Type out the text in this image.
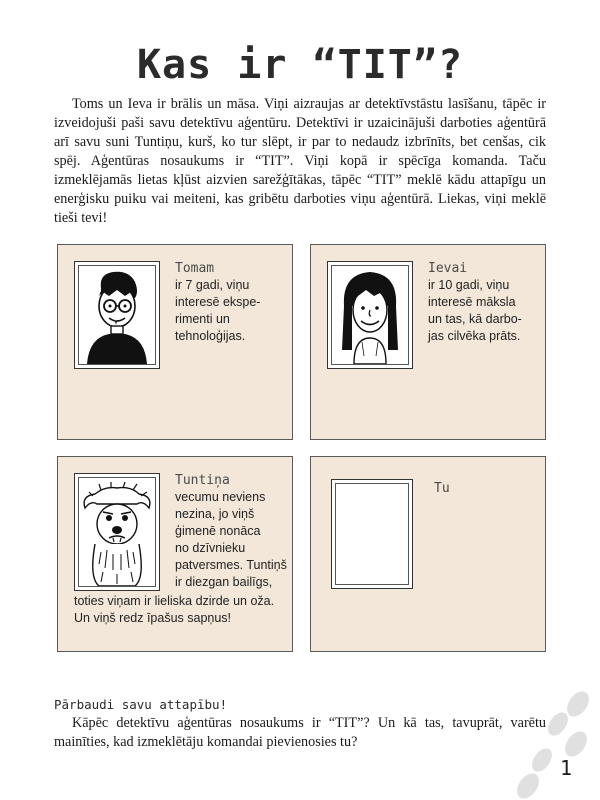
Kas ir “TIT”?

Toms un Ieva ir brālis un māsa. Viņi aizraujas ar detektīvstāstu lasīšanu, tāpēc ir izveidojuši paši savu detektīvu aģentūru. Detektīvi ir uzaicinājuši darboties aģentūrā arī savu suni Tuntiņu, kurš, ko tur slēpt, ir par to nedaudz izbrīnīts, bet cenšas, cik spēj. Aģentūras nosaukums ir “TIT”. Viņi kopā ir spēcīga komanda. Taču izmeklējamās lietas kļūst aizvien sarežģītākas, tāpēc “TIT” meklē kādu attapīgu un enerģisku puiku vai meiteni, kas gribētu darboties viņu aģentūrā. Liekas, viņi meklē tieši tevi!

Tomam
ir 7 gadi, viņu
interesē ekspe-
rimenti un
tehnoloģijas.
Ievai
ir 10 gadi, viņu
interesē māksla
un tas, kā darbo-
jas cilvēka prāts.
Tuntiņa
vecumu neviens
nezina, jo viņš
ģimenē nonāca
no dzīvnieku
patversmes. Tuntiņš
ir diezgan bailīgs,
toties viņam ir lieliska dzirde un oža.
Un viņš redz īpašus sapņus!
Tu
Pārbaudi savu attapību!

Kāpēc detektīvu aģentūras nosaukums ir “TIT”? Un kā tas, tavuprāt, varētu mainīties, kad izmeklētāju komandai pievienosies tu?

1
